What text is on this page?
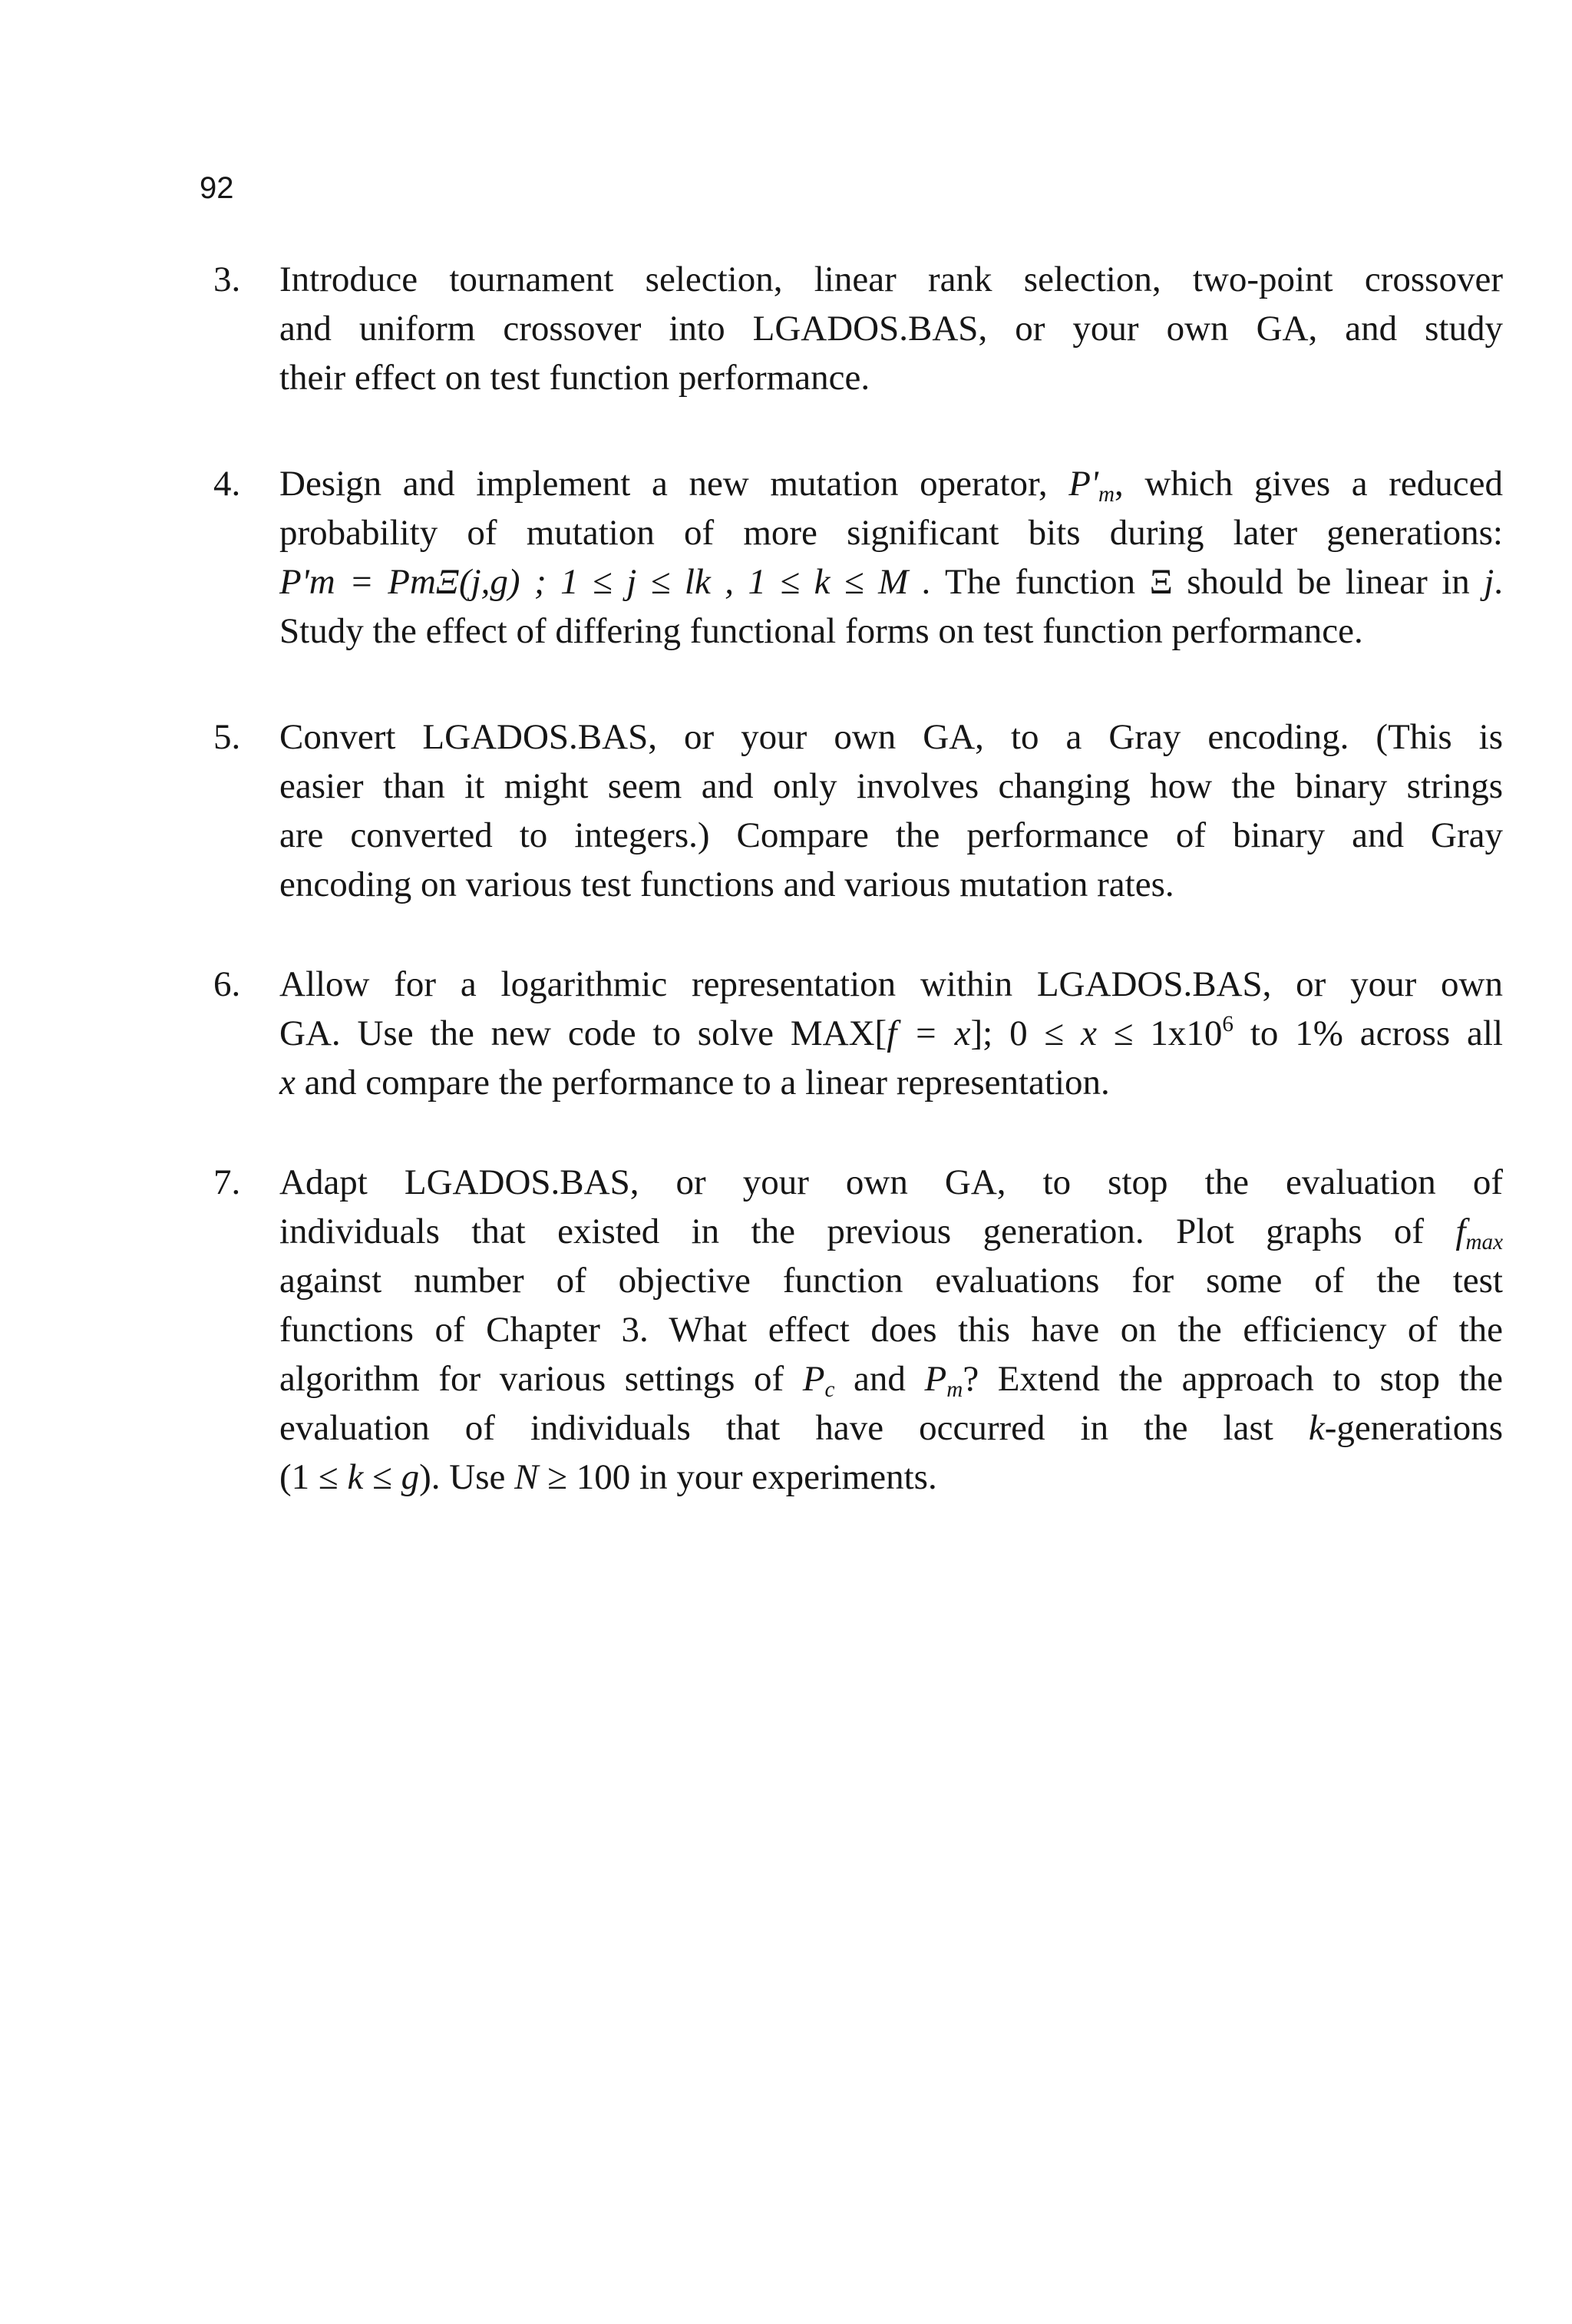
92
3. Introduce tournament selection, linear rank selection, two-point crossover
and uniform crossover into LGADOS.BAS, or your own GA, and study
their effect on test function performance.
4. Design and implement a new mutation operator, $P'_m$, which gives a reduced
probability of mutation of more significant bits during later generations:
P'm = PmΞ(j,g) ; 1 ≤ j ≤ lk , 1 ≤ k ≤ M . The function Ξ should be linear in j.
Study the effect of differing functional forms on test function performance.
5. Convert LGADOS.BAS, or your own GA, to a Gray encoding. (This is
easier than it might seem and only involves changing how the binary strings
are converted to integers.) Compare the performance of binary and Gray
encoding on various test functions and various mutation rates.
6. Allow for a logarithmic representation within LGADOS.BAS, or your own
GA. Use the new code to solve MAX[f = x]; $0 \le x \le 1x10^6$ to 1% across all
x and compare the performance to a linear representation.
7. Adapt LGADOS.BAS, or your own GA, to stop the evaluation of
individuals that existed in the previous generation. Plot graphs of $f_{max}$
against number of objective function evaluations for some of the test
functions of Chapter 3. What effect does this have on the efficiency of the
algorithm for various settings of $P_c$ and $P_m$? Extend the approach to stop the
evaluation of individuals that have occurred in the last k-generations
(1 ≤ k ≤ g). Use N ≥ 100 in your experiments.
